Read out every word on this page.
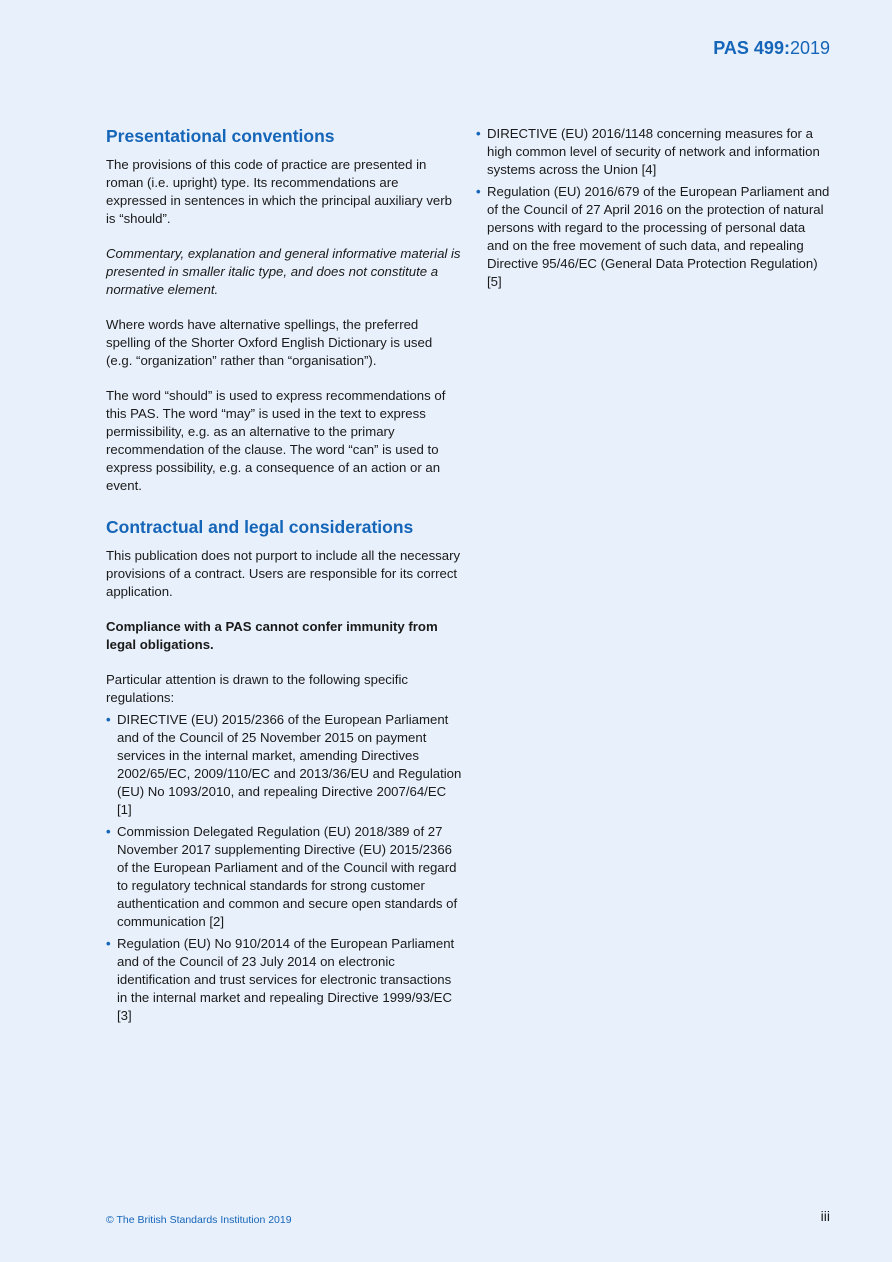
PAS 499:2019
Presentational conventions

The provisions of this code of practice are presented in roman (i.e. upright) type. Its recommendations are expressed in sentences in which the principal auxiliary verb is “should”.

Commentary, explanation and general informative material is presented in smaller italic type, and does not constitute a normative element.

Where words have alternative spellings, the preferred spelling of the Shorter Oxford English Dictionary is used (e.g. “organization” rather than “organisation”).

The word “should” is used to express recommendations of this PAS. The word “may” is used in the text to express permissibility, e.g. as an alternative to the primary recommendation of the clause. The word “can” is used to express possibility, e.g. a consequence of an action or an event.

Contractual and legal considerations

This publication does not purport to include all the necessary provisions of a contract. Users are responsible for its correct application.

Compliance with a PAS cannot confer immunity from legal obligations.

Particular attention is drawn to the following specific regulations:

• DIRECTIVE (EU) 2015/2366 of the European Parliament and of the Council of 25 November 2015 on payment services in the internal market, amending Directives 2002/65/EC, 2009/110/EC and 2013/36/EU and Regulation (EU) No 1093/2010, and repealing Directive 2007/64/EC [1]
• Commission Delegated Regulation (EU) 2018/389 of 27 November 2017 supplementing Directive (EU) 2015/2366 of the European Parliament and of the Council with regard to regulatory technical standards for strong customer authentication and common and secure open standards of communication [2]
• Regulation (EU) No 910/2014 of the European Parliament and of the Council of 23 July 2014 on electronic identification and trust services for electronic transactions in the internal market and repealing Directive 1999/93/EC [3]
• DIRECTIVE (EU) 2016/1148 concerning measures for a high common level of security of network and information systems across the Union [4]
• Regulation (EU) 2016/679 of the European Parliament and of the Council of 27 April 2016 on the protection of natural persons with regard to the processing of personal data and on the free movement of such data, and repealing Directive 95/46/EC (General Data Protection Regulation) [5]
© The British Standards Institution 2019	iii
